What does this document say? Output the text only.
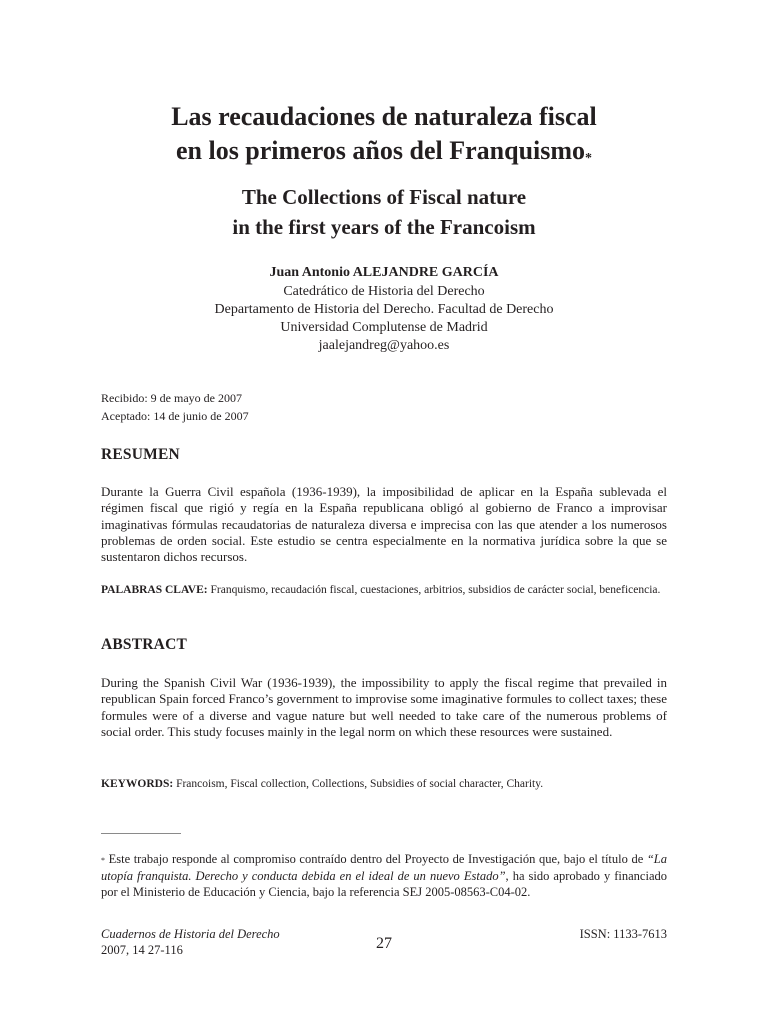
Las recaudaciones de naturaleza fiscal
en los primeros años del Franquismo*
The Collections of Fiscal nature
in the first years of the Francoism
Juan Antonio ALEJANDRE GARCÍA
Catedrático de Historia del Derecho
Departamento de Historia del Derecho. Facultad de Derecho
Universidad Complutense de Madrid
jaalejandreg@yahoo.es
Recibido: 9 de mayo de 2007
Aceptado: 14 de junio de 2007
RESUMEN
Durante la Guerra Civil española (1936-1939), la imposibilidad de aplicar en la España sublevada el régimen fiscal que rigió y regía en la España republicana obligó al gobierno de Franco a improvisar imaginativas fórmulas recaudatorias de naturaleza diversa e imprecisa con las que atender a los numerosos problemas de orden social. Este estudio se centra especialmente en la normativa jurídica sobre la que se sustentaron dichos recursos.
PALABRAS CLAVE: Franquismo, recaudación fiscal, cuestaciones, arbitrios, subsidios de carácter social, beneficencia.
ABSTRACT
During the Spanish Civil War (1936-1939), the impossibility to apply the fiscal regime that prevailed in republican Spain forced Franco’s government to improvise some imaginative formules to collect taxes; these formules were of a diverse and vague nature but well needed to take care of the numerous problems of social order. This study focuses mainly in the legal norm on which these resources were sustained.
KEYWORDS: Francoism, Fiscal collection, Collections, Subsidies of social character, Charity.
* Este trabajo responde al compromiso contraído dentro del Proyecto de Investigación que, bajo el título de “La utopía franquista. Derecho y conducta debida en el ideal de un nuevo Estado”, ha sido aprobado y financiado por el Ministerio de Educación y Ciencia, bajo la referencia SEJ 2005-08563-C04-02.
Cuadernos de Historia del Derecho
2007, 14 27-116	27
ISSN: 1133-7613
